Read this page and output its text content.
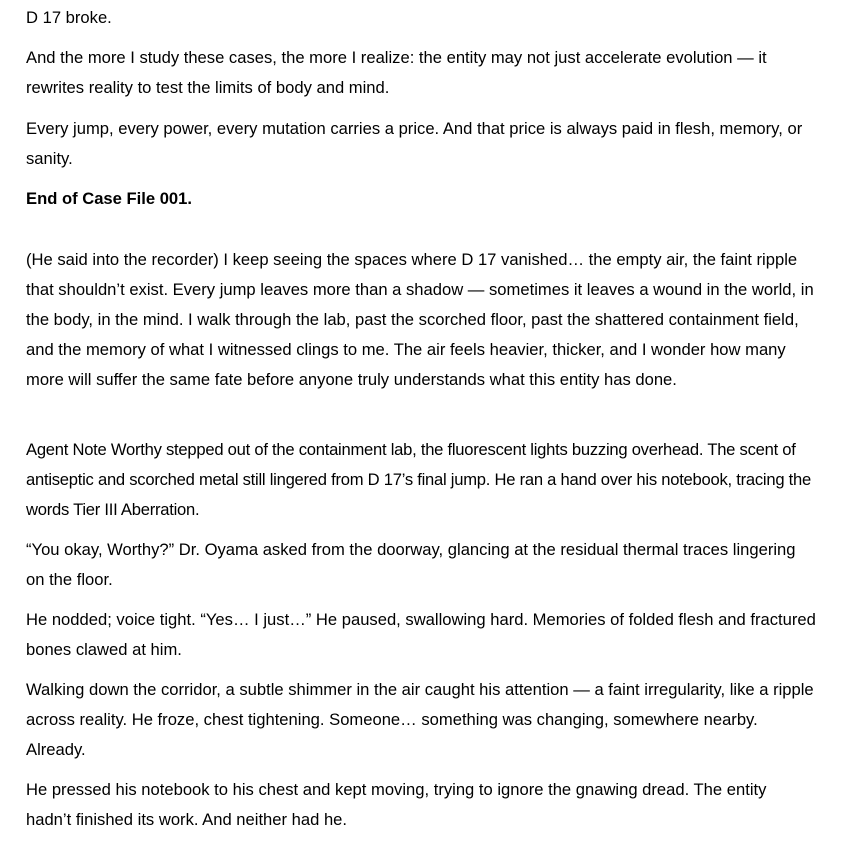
D 17 broke.

And the more I study these cases, the more I realize: the entity may not just accelerate evolution — it rewrites reality to test the limits of body and mind.

Every jump, every power, every mutation carries a price. And that price is always paid in flesh, memory, or sanity.

End of Case File 001.

(He said into the recorder) I keep seeing the spaces where D 17 vanished… the empty air, the faint ripple that shouldn’t exist. Every jump leaves more than a shadow — sometimes it leaves a wound in the world, in the body, in the mind. I walk through the lab, past the scorched floor, past the shattered containment field, and the memory of what I witnessed clings to me. The air feels heavier, thicker, and I wonder how many more will suffer the same fate before anyone truly understands what this entity has done.

Agent Note Worthy stepped out of the containment lab, the fluorescent lights buzzing overhead. The scent of antiseptic and scorched metal still lingered from D 17’s final jump. He ran a hand over his notebook, tracing the words Tier III Aberration.

“You okay, Worthy?” Dr. Oyama asked from the doorway, glancing at the residual thermal traces lingering on the floor.

He nodded; voice tight. “Yes… I just…” He paused, swallowing hard. Memories of folded flesh and fractured bones clawed at him.

Walking down the corridor, a subtle shimmer in the air caught his attention — a faint irregularity, like a ripple across reality. He froze, chest tightening. Someone… something was changing, somewhere nearby. Already.

He pressed his notebook to his chest and kept moving, trying to ignore the gnawing dread. The entity hadn’t finished its work. And neither had he.
